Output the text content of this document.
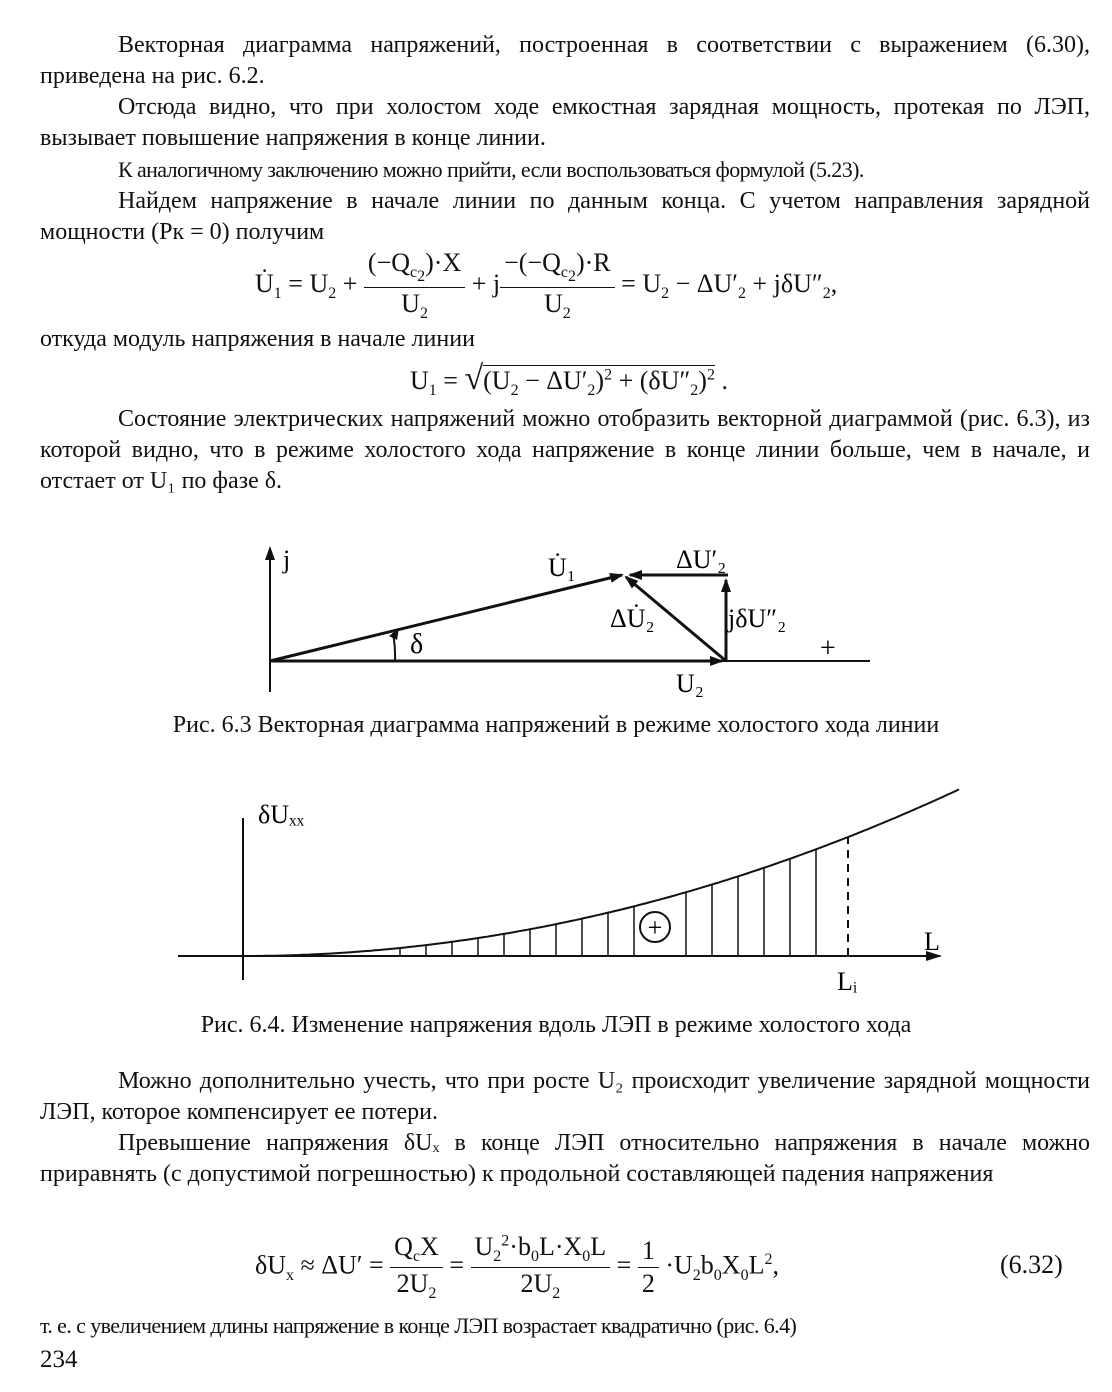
Векторная диаграмма напряжений, построенная в соответствии с выражением (6.30), приведена на рис. 6.2.
Отсюда видно, что при холостом ходе емкостная зарядная мощность, протекая по ЛЭП, вызывает повышение напряжения в конце линии.
К аналогичному заключению можно прийти, если воспользоваться формулой (5.23).
Найдем напряжение в начале линии по данным конца. С учетом направления зарядной мощности (Pк = 0) получим
$U̇_1 = U_2 + \frac{(-Q_{c_2})\cdot X}{U_2} + j \frac{-(-Q_{c_2})\cdot R}{U_2} = U_2 - \Delta U'_2 + j\delta U''_2$,
откуда модуль напряжения в начале линии
$U_1 = √(U_2 - \Delta U'_2)^2 + (\delta U''_2)^2$ .
Состояние электрических напряжений можно отобразить векторной диаграммой (рис. 6.3), из которой видно, что в режиме холостого хода напряжение в конце линии больше, чем в начале, и отстает от U₁ по фазе δ.
j	U̇₁	ΔU′₂
ΔU̇₂	jδU″₂
δ	+
U₂
Рис. 6.3 Векторная диаграмма напряжений в режиме холостого хода линии
+
δUₓₓ
L
Lᵢ
Рис. 6.4. Изменение напряжения вдоль ЛЭП в режиме холостого хода
Можно дополнительно учесть, что при росте U₂ происходит увеличение зарядной мощности ЛЭП, которое компенсирует ее потери.
Превышение напряжения δUₓ в конце ЛЭП относительно напряжения в начале можно приравнять (с допустимой погрешностью) к продольной составляющей падения напряжения
$\delta U_x \approx \Delta U' = \frac{Q_cX}{2U_2} = \frac{U_2^2\cdot b_0L\cdot X_0L}{2U_2} = \frac{1}{2} \cdot U_2b_0X_0L^2$,	(6.32)
т. е. с увеличением длины напряжение в конце ЛЭП возрастает квадратично (рис. 6.4)
234
